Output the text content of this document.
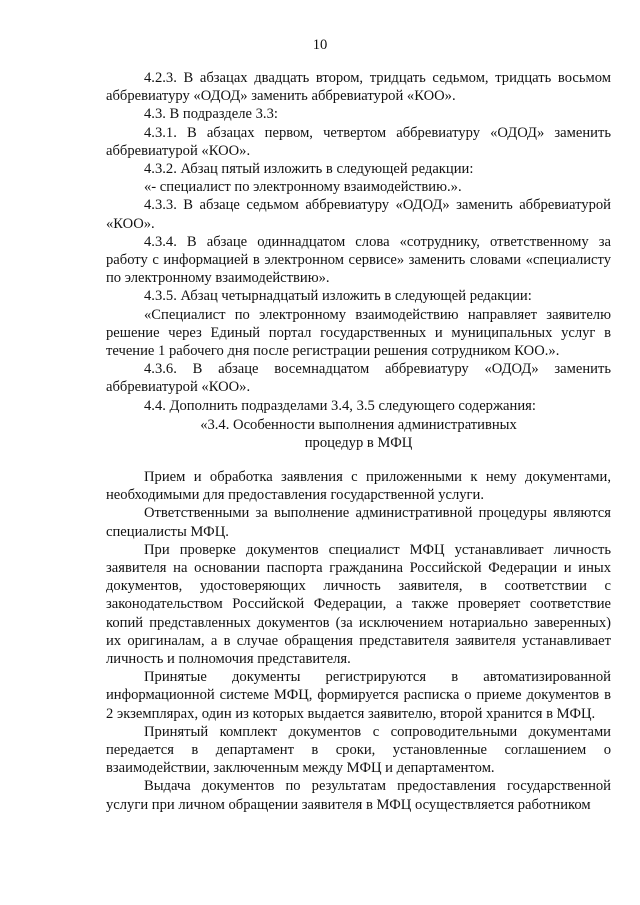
10

4.2.3. В абзацах двадцать втором, тридцать седьмом, тридцать восьмом аббревиатуру «ОДОД» заменить аббревиатурой «КОО».

4.3. В подразделе 3.3:

4.3.1. В абзацах первом, четвертом аббревиатуру «ОДОД» заменить аббревиатурой «КОО».

4.3.2. Абзац пятый изложить в следующей редакции:

«- специалист по электронному взаимодействию.».

4.3.3. В абзаце седьмом аббревиатуру «ОДОД» заменить аббревиатурой «КОО».

4.3.4. В абзаце одиннадцатом слова «сотруднику, ответственному за работу с информацией в электронном сервисе» заменить словами «специалисту по электронному взаимодействию».

4.3.5. Абзац четырнадцатый изложить в следующей редакции:

«Специалист по электронному взаимодействию направляет заявителю решение через Единый портал государственных и муниципальных услуг в течение 1 рабочего дня после регистрации решения сотрудником КОО.».

4.3.6. В абзаце восемнадцатом аббревиатуру «ОДОД» заменить аббревиатурой «КОО».

4.4. Дополнить подразделами 3.4, 3.5 следующего содержания:

«3.4. Особенности выполнения административных
процедур в МФЦ

Прием и обработка заявления с приложенными к нему документами, необходимыми для предоставления государственной услуги.

Ответственными за выполнение административной процедуры являются специалисты МФЦ.

При проверке документов специалист МФЦ устанавливает личность заявителя на основании паспорта гражданина Российской Федерации и иных документов, удостоверяющих личность заявителя, в соответствии с законодательством Российской Федерации, а также проверяет соответствие копий представленных документов (за исключением нотариально заверенных) их оригиналам, а в случае обращения представителя заявителя устанавливает личность и полномочия представителя.

Принятые документы регистрируются в автоматизированной информационной системе МФЦ, формируется расписка о приеме документов в 2 экземплярах, один из которых выдается заявителю, второй хранится в МФЦ.

Принятый комплект документов с сопроводительными документами передается в департамент в сроки, установленные соглашением о взаимодействии, заключенным между МФЦ и департаментом.

Выдача документов по результатам предоставления государственной услуги при личном обращении заявителя в МФЦ осуществляется работником
